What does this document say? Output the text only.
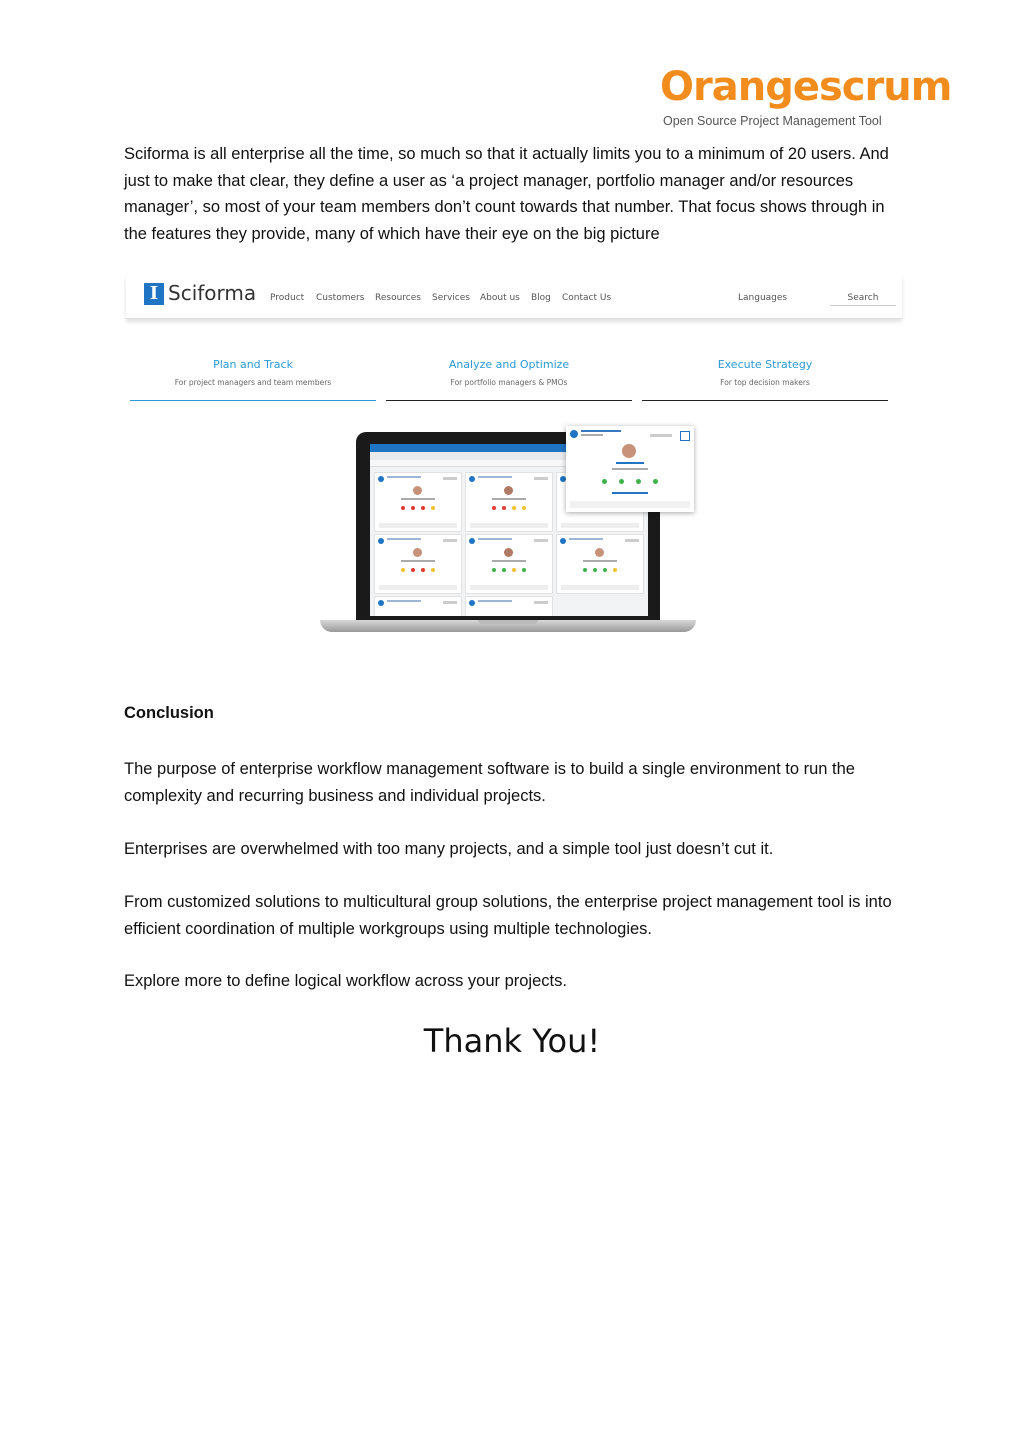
Orangescrum
Open Source Project Management Tool

Sciforma is all enterprise all the time, so much so that it actually limits you to a minimum of 20 users. And just to make that clear, they define a user as ‘a project manager, portfolio manager and/or resources manager’, so most of your team members don’t count towards that number. That focus shows through in the features they provide, many of which have their eye on the big picture

I Sciforma Product Customers Resources Services About us Blog Contact Us	Languages	Search
Plan and Track
For project managers and team members
Analyze and Optimize
For portfolio managers & PMOs
Execute Strategy
For top decision makers
Conclusion

The purpose of enterprise workflow management software is to build a single environment to run the complexity and recurring business and individual projects.

Enterprises are overwhelmed with too many projects, and a simple tool just doesn’t cut it.

From customized solutions to multicultural group solutions, the enterprise project management tool is into efficient coordination of multiple workgroups using multiple technologies.

Explore more to define logical workflow across your projects.

Thank You!
